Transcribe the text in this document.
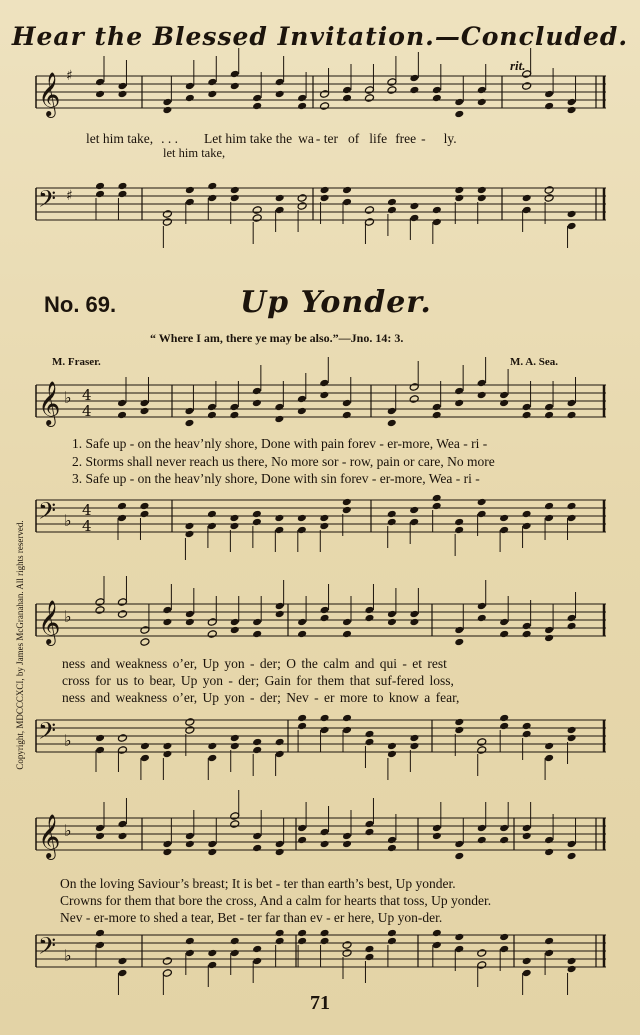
Hear the Blessed Invitation.—Concluded.
𝄞 ♯
𝄢 ♯
𝄞 ♭
𝄢 ♭
𝄞 ♭
𝄢 ♭
𝄞 ♭
𝄢 ♭
4
4
4
4
rit.
let him take, . . . Let him take the wa - ter of life free - ly.
let him take,
No. 69.	Up Yonder.
“ Where I am, there ye may be also.”—Jno. 14: 3.
M. Fraser.	M. A. Sea.
1. Safe up - on the heav’nly shore, Done with pain forev - er-more, Wea - ri -
2. Storms shall never reach us there, No more sor - row, pain or care, No more
3. Safe up - on the heav’nly shore, Done with sin forev - er-more, Wea - ri -
ness and weakness o’er, Up yon - der; O the calm and qui - et rest
cross for us to bear, Up yon - der; Gain for them that suf-fered loss,
ness and weakness o’er, Up yon - der; Nev - er more to know a fear,
On the loving Saviour’s breast; It is bet - ter than earth’s best, Up yonder.
Crowns for them that bore the cross, And a calm for hearts that toss, Up yonder.
Nev - er-more to shed a tear, Bet - ter far than ev - er here, Up yon-der.
Copyright, MDCCCXCI, by James McGranahan. All rights reserved.
71
